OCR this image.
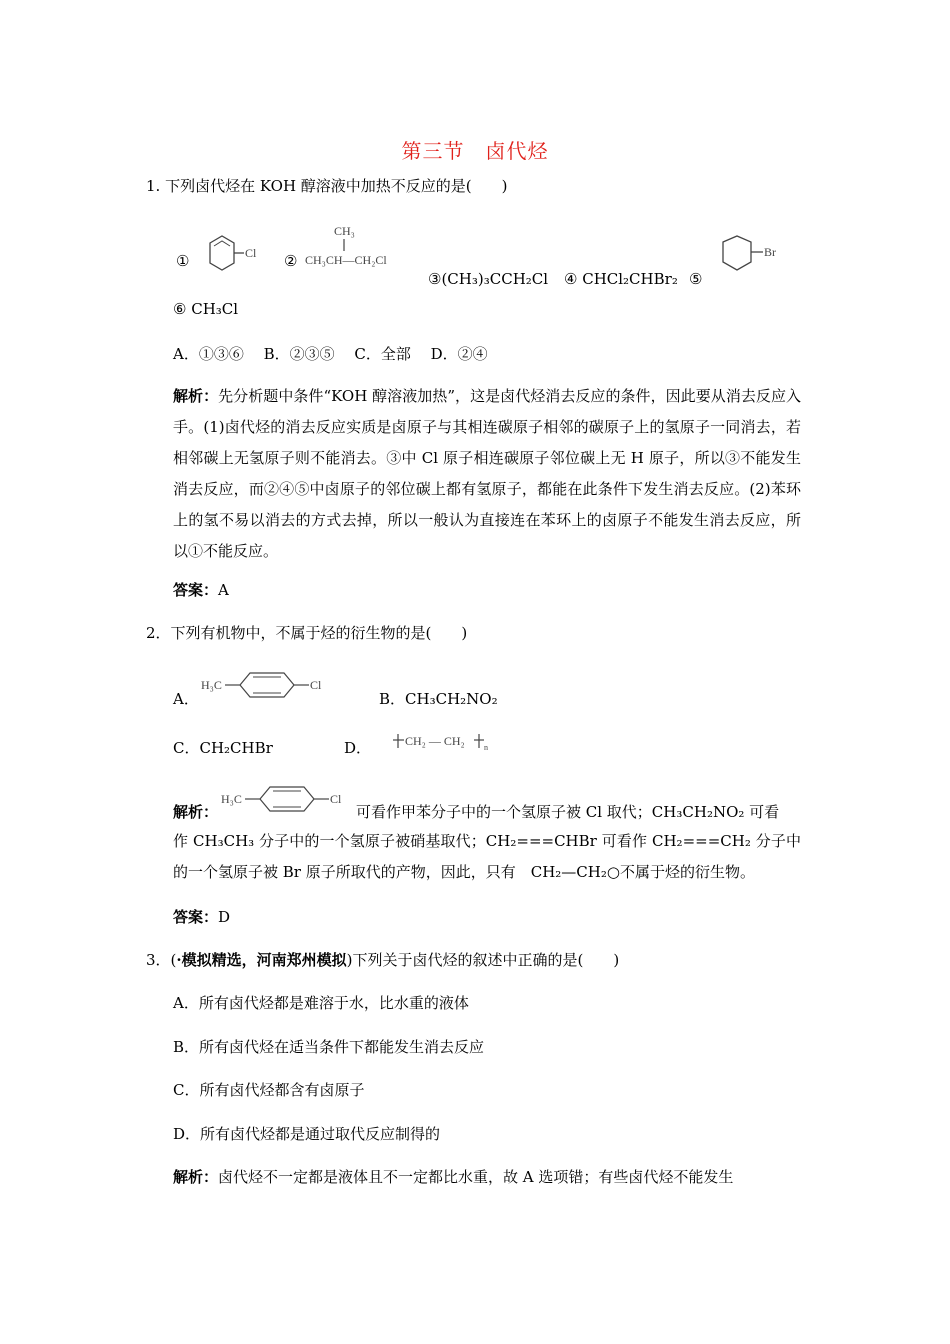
第三节　卤代烃
1. 下列卤代烃在 KOH 醇溶液中加热不反应的是(　　)
①	Cl ②
CH₃
CH₃CH—CH₂Cl
③(CH₃)₃CCH₂Cl ④ CHCl₂CHBr₂ ⑤
Br
⑥ CH₃Cl
A．①③⑥　 B．②③⑤　 C．全部　 D．②④
解析：先分析题中条件“KOH 醇溶液加热”，这是卤代烃消去反应的条件，因此要从消去反应入手。(1)卤代烃的消去反应实质是卤原子与其相连碳原子相邻的碳原子上的氢原子一同消去，若相邻碳上无氢原子则不能消去。③中 Cl 原子相连碳原子邻位碳上无 H 原子，所以③不能发生消去反应，而②④⑤中卤原子的邻位碳上都有氢原子，都能在此条件下发生消去反应。(2)苯环上的氢不易以消去的方式去掉，所以一般认为直接连在苯环上的卤原子不能发生消去反应，所以①不能反应。
答案：A
2．下列有机物中，不属于烃的衍生物的是(　　)
A．
H₃C	Cl
B．CH₃CH₂NO₂
C．CH₂CHBr	D．	CH₂ — CH₂ n
解析：
H₃C	Cl
可看作甲苯分子中的一个氢原子被 Cl 取代；CH₃CH₂NO₂ 可看
作 CH₃CH₃ 分子中的一个氢原子被硝基取代；CH₂===CHBr 可看作 CH₂===CH₂ 分子中的一个氢原子被 Br 原子所取代的产物，因此，只有　CH₂—CH₂○不属于烃的衍生物。
答案：D
3．(·模拟精选，河南郑州模拟)下列关于卤代烃的叙述中正确的是(　　)
A．所有卤代烃都是难溶于水，比水重的液体
B．所有卤代烃在适当条件下都能发生消去反应
C．所有卤代烃都含有卤原子
D．所有卤代烃都是通过取代反应制得的
解析：卤代烃不一定都是液体且不一定都比水重，故 A 选项错；有些卤代烃不能发生
